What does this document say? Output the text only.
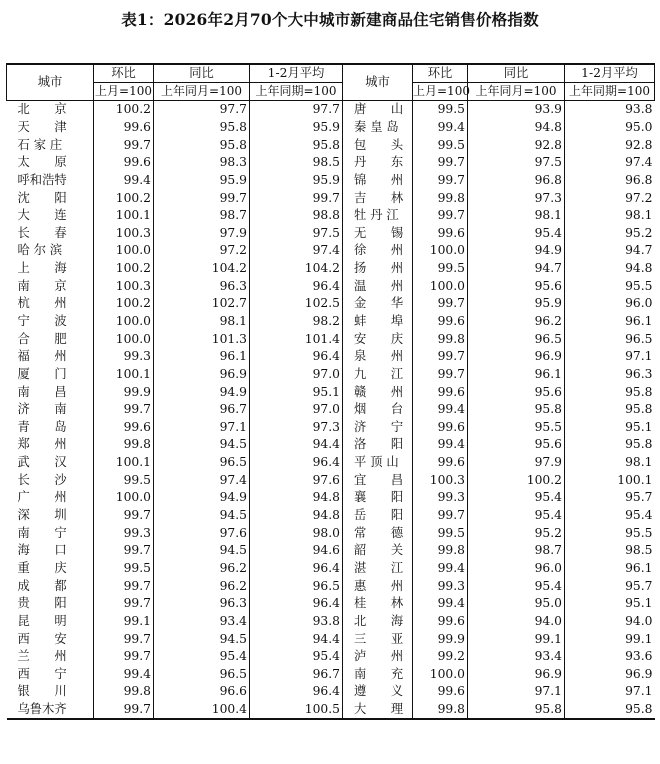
表1：2026年2月70个大中城市新建商品住宅销售价格指数
城市	环比	同比	1-2月平均	城市	环比	同比	1-2月平均
	上月=100	上年同月=100	上年同期=100		上月=100	上年同月=100	上年同期=100
北　　京	100.2	97.7	97.7	唐　　山	99.5	93.9	93.8
天　　津	99.6	95.8	95.9	秦 皇 岛	99.4	94.8	95.0
石 家 庄	99.7	95.8	95.8	包　　头	99.5	92.8	92.8
太　　原	99.6	98.3	98.5	丹　　东	99.7	97.5	97.4
呼和浩特	99.4	95.9	95.9	锦　　州	99.7	96.8	96.8
沈　　阳	100.2	99.7	99.7	吉　　林	99.8	97.3	97.2
大　　连	100.1	98.7	98.8	牡 丹 江	99.7	98.1	98.1
长　　春	100.3	97.9	97.5	无　　锡	99.6	95.4	95.2
哈 尔 滨	100.0	97.2	97.4	徐　　州	100.0	94.9	94.7
上　　海	100.2	104.2	104.2	扬　　州	99.5	94.7	94.8
南　　京	100.3	96.3	96.4	温　　州	100.0	95.6	95.5
杭　　州	100.2	102.7	102.5	金　　华	99.7	95.9	96.0
宁　　波	100.0	98.1	98.2	蚌　　埠	99.6	96.2	96.1
合　　肥	100.0	101.3	101.4	安　　庆	99.8	96.5	96.5
福　　州	99.3	96.1	96.4	泉　　州	99.7	96.9	97.1
厦　　门	100.1	96.9	97.0	九　　江	99.7	96.1	96.3
南　　昌	99.9	94.9	95.1	赣　　州	99.6	95.6	95.8
济　　南	99.7	96.7	97.0	烟　　台	99.4	95.8	95.8
青　　岛	99.6	97.1	97.3	济　　宁	99.6	95.5	95.1
郑　　州	99.8	94.5	94.4	洛　　阳	99.4	95.6	95.8
武　　汉	100.1	96.5	96.4	平 顶 山	99.6	97.9	98.1
长　　沙	99.5	97.4	97.6	宜　　昌	100.3	100.2	100.1
广　　州	100.0	94.9	94.8	襄　　阳	99.3	95.4	95.7
深　　圳	99.7	94.5	94.8	岳　　阳	99.7	95.4	95.4
南　　宁	99.3	97.6	98.0	常　　德	99.5	95.2	95.5
海　　口	99.7	94.5	94.6	韶　　关	99.8	98.7	98.5
重　　庆	99.5	96.2	96.4	湛　　江	99.4	96.0	96.1
成　　都	99.7	96.2	96.5	惠　　州	99.3	95.4	95.7
贵　　阳	99.7	96.3	96.4	桂　　林	99.4	95.0	95.1
昆　　明	99.1	93.4	93.8	北　　海	99.6	94.0	94.0
西　　安	99.7	94.5	94.4	三　　亚	99.9	99.1	99.1
兰　　州	99.7	95.4	95.4	泸　　州	99.2	93.4	93.6
西　　宁	99.4	96.5	96.7	南　　充	100.0	96.9	96.9
银　　川	99.8	96.6	96.4	遵　　义	99.6	97.1	97.1
乌鲁木齐	99.7	100.4	100.5	大　　理	99.8	95.8	95.8
